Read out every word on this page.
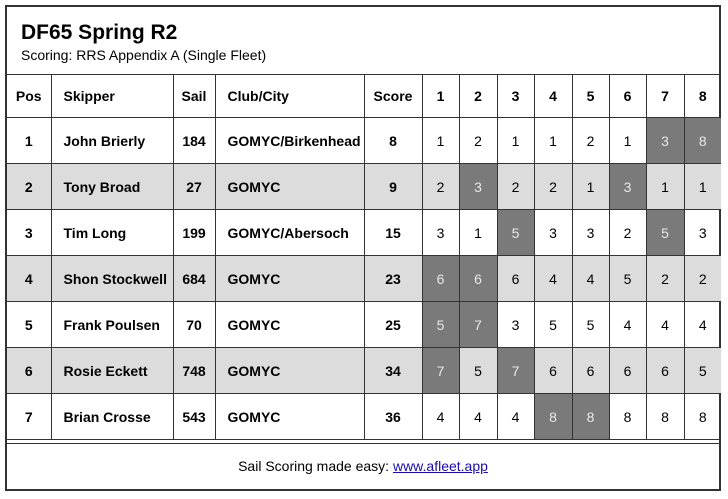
DF65 Spring R2
Scoring: RRS Appendix A (Single Fleet)
Pos	Skipper	Sail	Club/City	Score	1	2	3	4	5	6	7	8
1	John Brierly	184	GOMYC/Birkenhead	8	1	2	1	1	2	1	3	8
2	Tony Broad	27	GOMYC	9	2	3	2	2	1	3	1	1
3	Tim Long	199	GOMYC/Abersoch	15	3	1	5	3	3	2	5	3
4	Shon Stockwell	684	GOMYC	23	6	6	6	4	4	5	2	2
5	Frank Poulsen	70	GOMYC	25	5	7	3	5	5	4	4	4
6	Rosie Eckett	748	GOMYC	34	7	5	7	6	6	6	6	5
7	Brian Crosse	543	GOMYC	36	4	4	4	8	8	8	8	8
Sail Scoring made easy: www.afleet.app
